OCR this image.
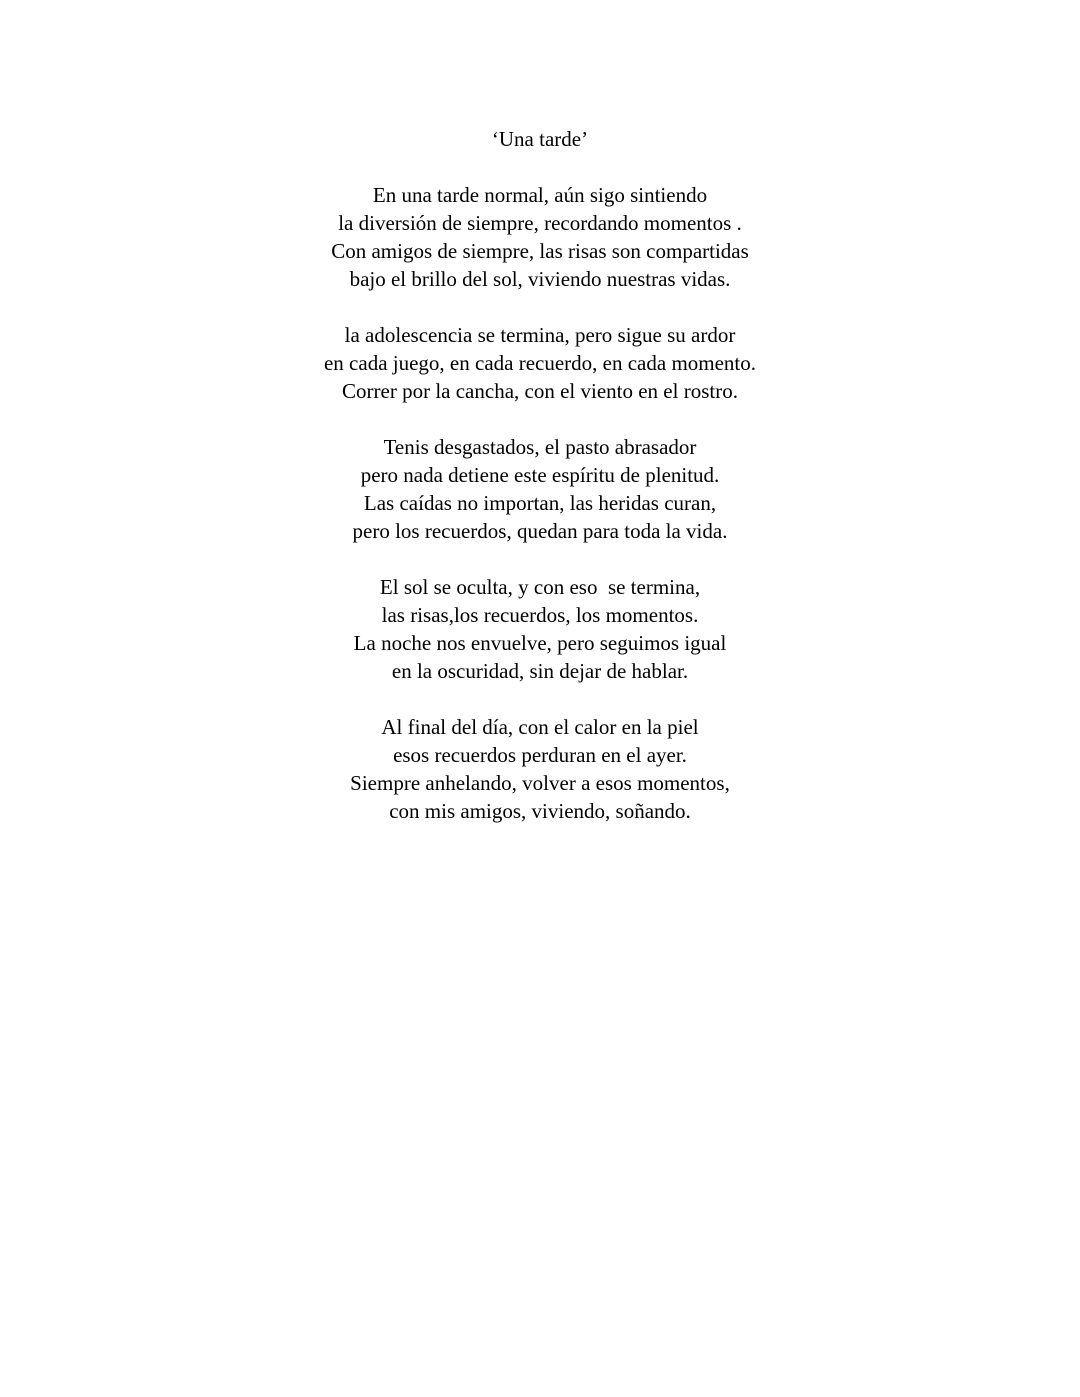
‘Una tarde’
En una tarde normal, aún sigo sintiendo
la diversión de siempre, recordando momentos .
Con amigos de siempre, las risas son compartidas
bajo el brillo del sol, viviendo nuestras vidas.
la adolescencia se termina, pero sigue su ardor
en cada juego, en cada recuerdo, en cada momento.
Correr por la cancha, con el viento en el rostro.
Tenis desgastados, el pasto abrasador
pero nada detiene este espíritu de plenitud.
Las caídas no importan, las heridas curan,
pero los recuerdos, quedan para toda la vida.
El sol se oculta, y con eso  se termina,
las risas,los recuerdos, los momentos.
La noche nos envuelve, pero seguimos igual
en la oscuridad, sin dejar de hablar.
Al final del día, con el calor en la piel
esos recuerdos perduran en el ayer.
Siempre anhelando, volver a esos momentos,
con mis amigos, viviendo, soñando.
